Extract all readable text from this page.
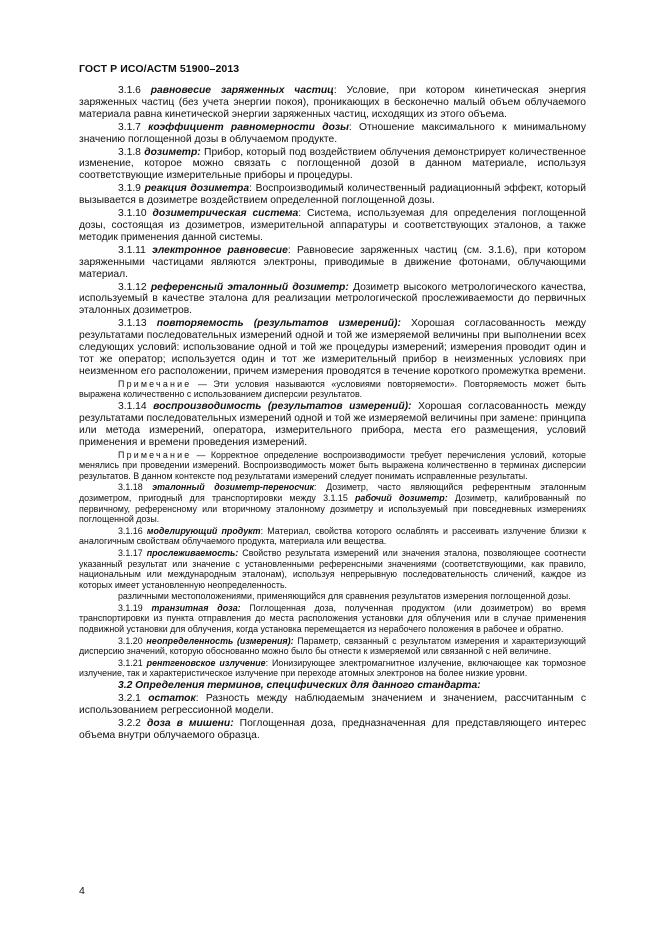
ГОСТ Р ИСО/АСТМ 51900–2013

3.1.6 равновесие заряженных частиц: Условие, при котором кинетическая энергия заряженных частиц (без учета энергии покоя), проникающих в бесконечно малый объем облучаемого материала равна кинетической энергии заряженных частиц, исходящих из этого объема.

3.1.7 коэффициент равномерности дозы: Отношение максимального к минимальному значению поглощенной дозы в облучаемом продукте.

3.1.8 дозиметр: Прибор, который под воздействием облучения демонстрирует количественное изменение, которое можно связать с поглощенной дозой в данном материале, используя соответствующие измерительные приборы и процедуры.

3.1.9 реакция дозиметра: Воспроизводимый количественный радиационный эффект, который вызывается в дозиметре воздействием определенной поглощенной дозы.

3.1.10 дозиметрическая система: Система, используемая для определения поглощенной дозы, состоящая из дозиметров, измерительной аппаратуры и соответствующих эталонов, а также методик применения данной системы.

3.1.11 электронное равновесие: Равновесие заряженных частиц (см. 3.1.6), при котором заряженными частицами являются электроны, приводимые в движение фотонами, облучающими материал.

3.1.12 референсный эталонный дозиметр: Дозиметр высокого метрологического качества, используемый в качестве эталона для реализации метрологической прослеживаемости до первичных эталонных дозиметров.

3.1.13 повторяемость (результатов измерений): Хорошая согласованность между результатами последовательных измерений одной и той же измеряемой величины при выполнении всех следующих условий: использование одной и той же процедуры измерений; измерения проводит один и тот же оператор; используется один и тот же измерительный прибор в неизменных условиях при неизменном его расположении, причем измерения проводятся в течение короткого промежутка времени.

Примечание — Эти условия называются «условиями повторяемости». Повторяемость может быть выражена количественно с использованием дисперсии результатов.

3.1.14 воспроизводимость (результатов измерений): Хорошая согласованность между результатами последовательных измерений одной и той же измеряемой величины при замене: принципа или метода измерений, оператора, измерительного прибора, места его размещения, условий применения и времени проведения измерений.

Примечание — Корректное определение воспроизводимости требует перечисления условий, которые менялись при проведении измерений. Воспроизводимость может быть выражена количественно в терминах дисперсии результатов. В данном контексте под результатами измерений следует понимать исправленные результаты.

3.1.18 эталонный дозиметр-переносчик: Дозиметр, часто являющийся референтным эталонным дозиметром, пригодный для транспортировки между 3.1.15 рабочий дозиметр: Дозиметр, калиброванный по первичному, референсному или вторичному эталонному дозиметру и используемый при повседневных измерениях поглощенной дозы.

3.1.16 моделирующий продукт: Материал, свойства которого ослаблять и рассеивать излучение близки к аналогичным свойствам облучаемого продукта, материала или вещества.

3.1.17 прослеживаемость: Свойство результата измерений или значения эталона, позволяющее соотнести указанный результат или значение с установленными референсными значениями (соответствующими, как правило, национальным или международным эталонам), используя непрерывную последовательность сличений, каждое из которых имеет установленную неопределенность.

различными местоположениями, применяющийся для сравнения результатов измерения поглощенной дозы.

3.1.19 транзитная доза: Поглощенная доза, полученная продуктом (или дозиметром) во время транспортировки из пункта отправления до места расположения установки для облучения или в случае применения подвижной установки для облучения, когда установка перемещается из нерабочего положения в рабочее и обратно.

3.1.20 неопределенность (измерения): Параметр, связанный с результатом измерения и характеризующий дисперсию значений, которую обоснованно можно было бы отнести к измеряемой или связанной с ней величине.

3.1.21 рентгеновское излучение: Ионизирующее электромагнитное излучение, включающее как тормозное излучение, так и характеристическое излучение при переходе атомных электронов на более низкие уровни.

3.2 Определения терминов, специфических для данного стандарта:

3.2.1 остаток: Разность между наблюдаемым значением и значением, рассчитанным с использованием регрессионной модели.

3.2.2 доза в мишени: Поглощенная доза, предназначенная для представляющего интерес объема внутри облучаемого образца.

4
